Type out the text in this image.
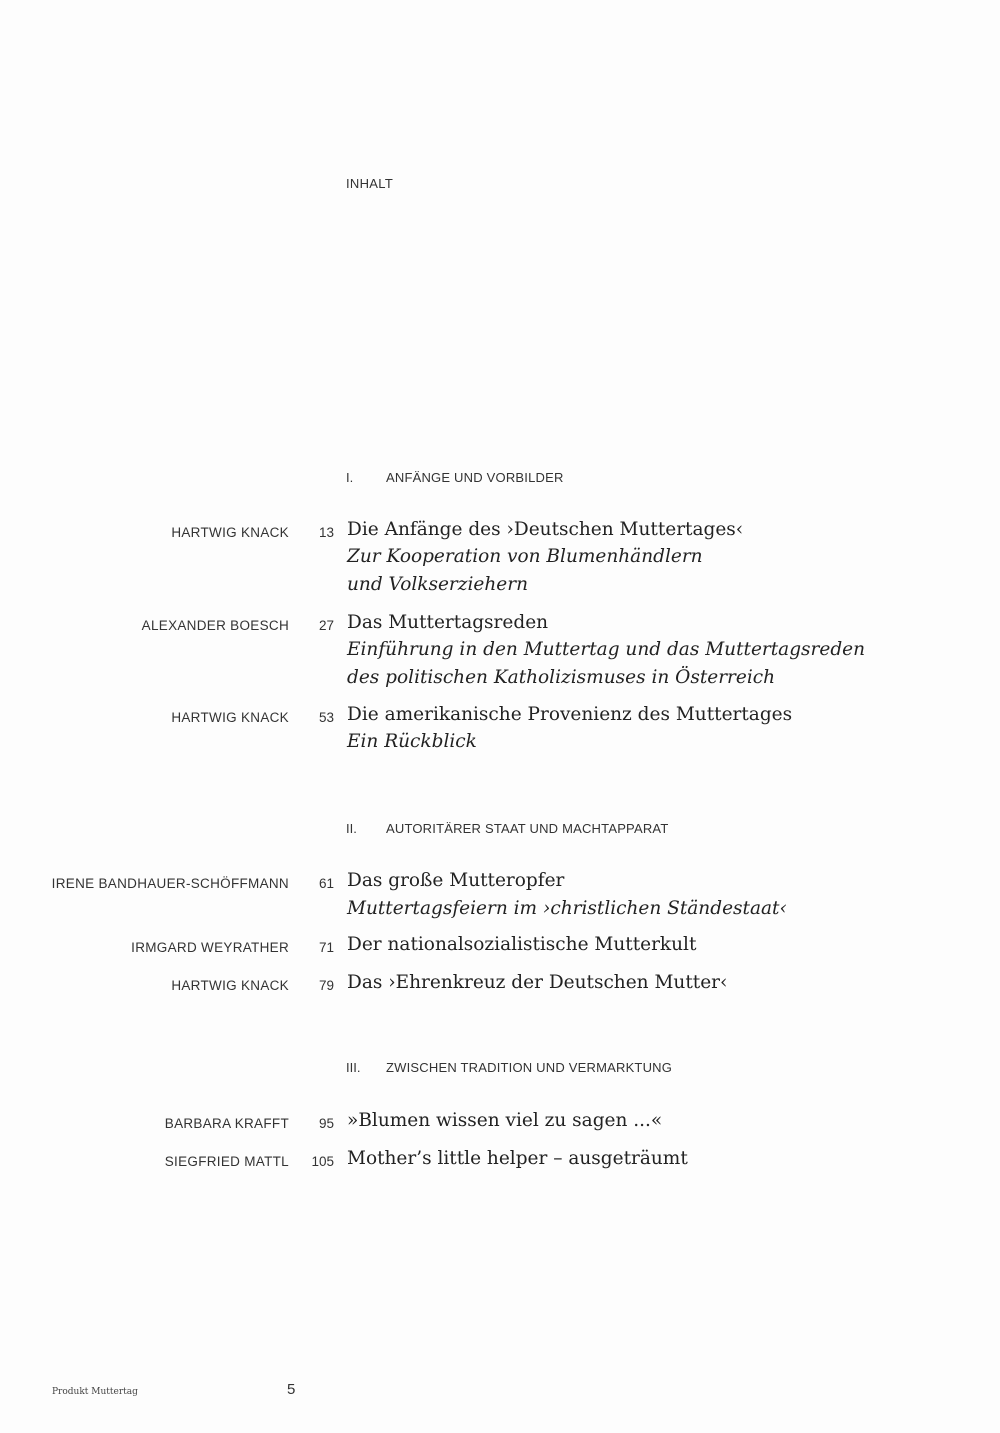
INHALT
I.	ANFÄNGE UND VORBILDER
HARTWIG KNACK 13 Die Anfänge des ›Deutschen Muttertages‹
Zur Kooperation von Blumenhändlern
und Volkserziehern
ALEXANDER BOESCH 27 Das Muttertagsreden
Einführung in den Muttertag und das Muttertagsreden
des politischen Katholizismuses in Österreich
HARTWIG KNACK 53 Die amerikanische Provenienz des Muttertages
Ein Rückblick
II. AUTORITÄRER STAAT UND MACHTAPPARAT
IRENE BANDHAUER-SCHÖFFMANN 61 Das große Mutteropfer
Muttertagsfeiern im ›christlichen Ständestaat‹
IRMGARD WEYRATHER 71 Der nationalsozialistische Mutterkult
HARTWIG KNACK 79 Das ›Ehrenkreuz der Deutschen Mutter‹
III. ZWISCHEN TRADITION UND VERMARKTUNG
BARBARA KRAFFT 95 »Blumen wissen viel zu sagen ...«
SIEGFRIED MATTL 105 Mother’s little helper – ausgeträumt
Produkt Muttertag	5
